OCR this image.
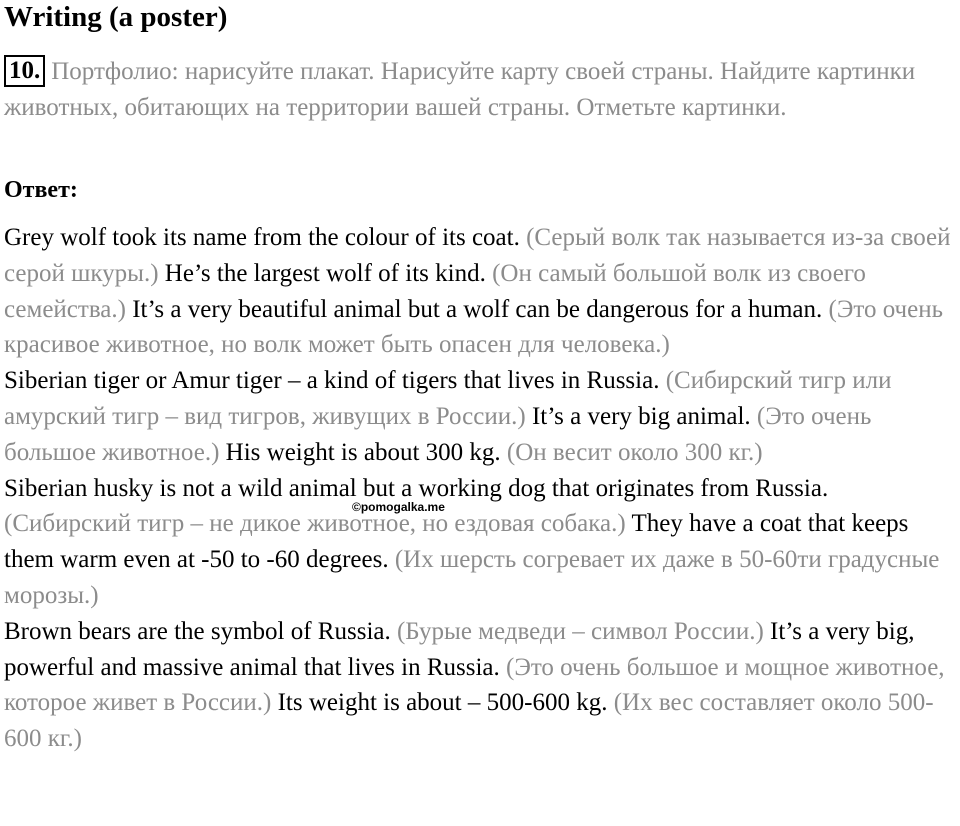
Writing (a poster)
10. Портфолио: нарисуйте плакат. Нарисуйте карту своей страны. Найдите картинки животных, обитающих на территории вашей страны. Отметьте картинки.
Ответ:

Grey wolf took its name from the colour of its coat. (Серый волк так называется из-за своей серой шкуры.) He’s the largest wolf of its kind. (Он самый большой волк из своего семейства.) It’s a very beautiful animal but a wolf can be dangerous for a human. (Это очень красивое животное, но волк может быть опасен для человека.)

Siberian tiger or Amur tiger – a kind of tigers that lives in Russia. (Сибирский тигр или амурский тигр – вид тигров, живущих в России.) It’s a very big animal. (Это очень большое животное.) His weight is about 300 kg. (Он весит около 300 кг.)

Siberian husky is not a wild animal but a working dog that originates from Russia. (Сибирский тигр – не дикое животное, но ездовая собака.) They have a coat that keeps them warm even at -50 to -60 degrees. (Их шерсть согревает их даже в 50-60ти градусные морозы.)

Brown bears are the symbol of Russia. (Бурые медведи – символ России.) It’s a very big, powerful and massive animal that lives in Russia. (Это очень большое и мощное животное, которое живет в России.) Its weight is about – 500-600 kg. (Их вес составляет около 500-600 кг.)

©pomogalka.me
